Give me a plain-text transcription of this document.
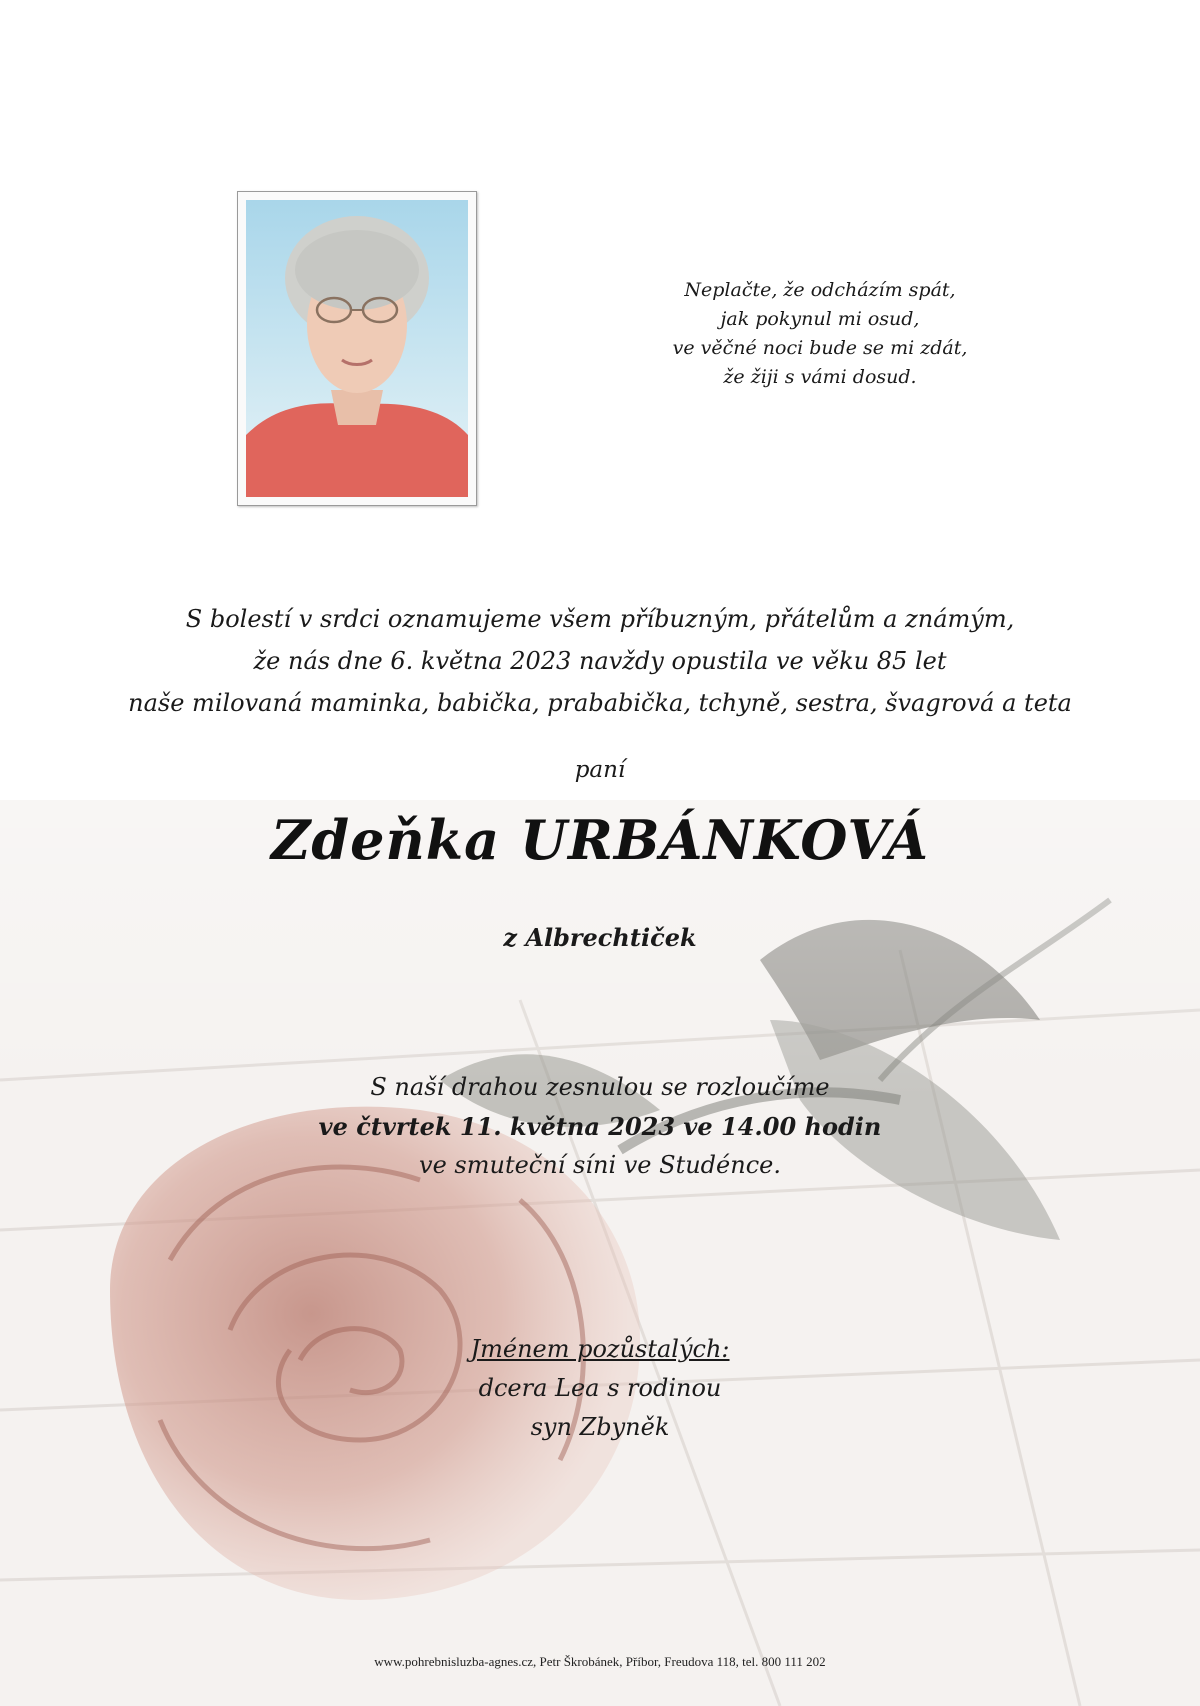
Neplačte, že odcházím spát,
jak pokynul mi osud,
ve věčné noci bude se mi zdát,
že žiji s vámi dosud.
S bolestí v srdci oznamujeme všem příbuzným, přátelům a známým,
že nás dne 6. května 2023 navždy opustila ve věku 85 let
naše milovaná maminka, babička, prababička, tchyně, sestra, švagrová a teta
paní
Zdeňka URBÁNKOVÁ
z Albrechtiček
S naší drahou zesnulou se rozloučíme
ve čtvrtek 11. května 2023 ve 14.00 hodin
ve smuteční síni ve Studénce.
Jménem pozůstalých:
dcera Lea s rodinou
syn Zbyněk
www.pohrebnisluzba-agnes.cz, Petr Škrobánek, Příbor, Freudova 118, tel. 800 111 202
